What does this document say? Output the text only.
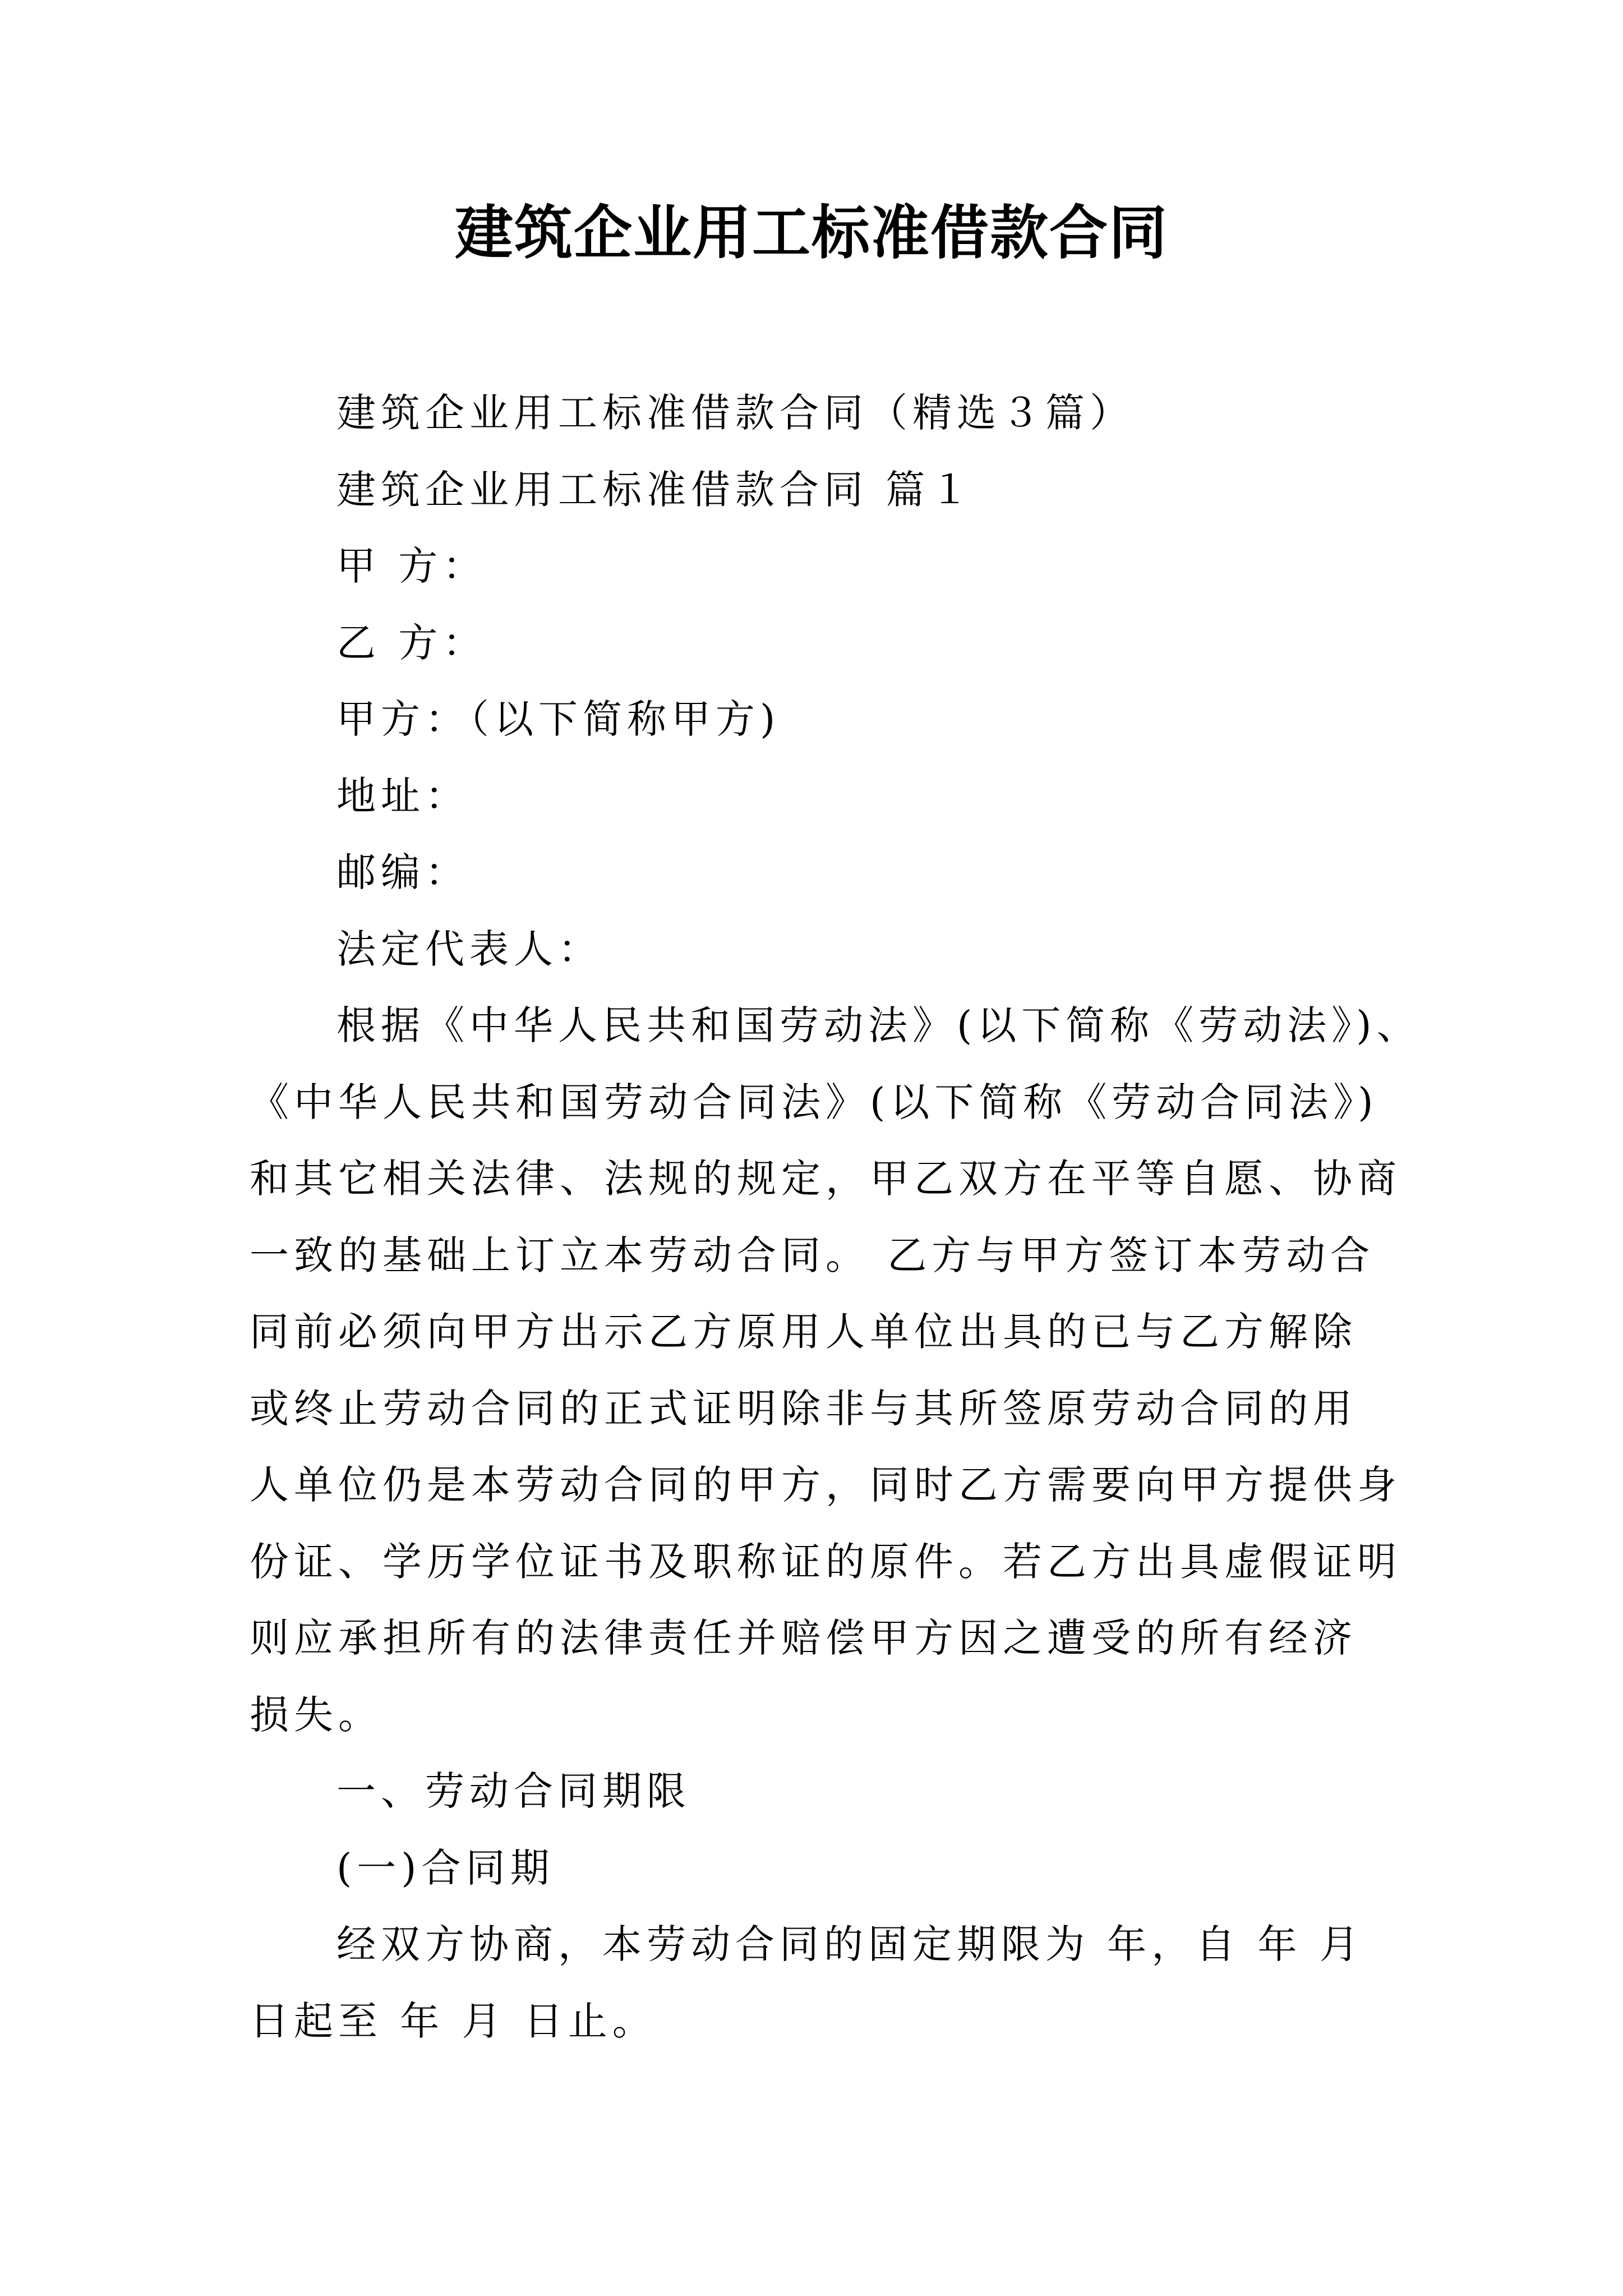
建筑企业用工标准借款合同
建筑企业用工标准借款合同（精选３篇）
建筑企业用工标准借款合同 篇１
甲 方：
乙 方：
甲方：（以下简称甲方)
地址：
邮编：
法定代表人：
根据《中华人民共和国劳动法》(以下简称《劳动法》)、
《中华人民共和国劳动合同法》(以下简称《劳动合同法》)
和其它相关法律、法规的规定，甲乙双方在平等自愿、协商
一致的基础上订立本劳动合同。 乙方与甲方签订本劳动合
同前必须向甲方出示乙方原用人单位出具的已与乙方解除
或终止劳动合同的正式证明除非与其所签原劳动合同的用
人单位仍是本劳动合同的甲方，同时乙方需要向甲方提供身
份证、学历学位证书及职称证的原件。若乙方出具虚假证明
则应承担所有的法律责任并赔偿甲方因之遭受的所有经济
损失。
一、劳动合同期限
(一)合同期
经双方协商，本劳动合同的固定期限为 年，自 年 月
日起至 年 月 日止。
